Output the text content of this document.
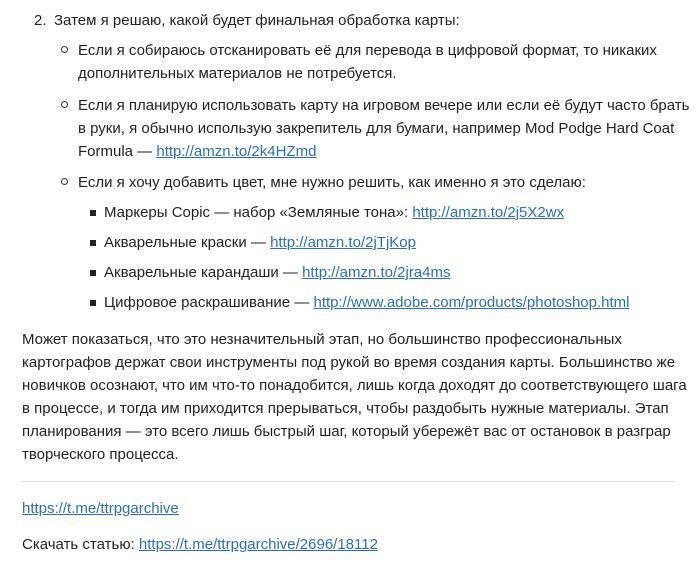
2. Затем я решаю, какой будет финальная обработка карты:
Если я собираюсь отсканировать её для перевода в цифровой формат, то никаких
дополнительных материалов не потребуется.
Если я планирую использовать карту на игровом вечере или если её будут часто брать
в руки, я обычно использую закрепитель для бумаги, например Mod Podge Hard Coat
Formula — http://amzn.to/2k4HZmd
Если я хочу добавить цвет, мне нужно решить, как именно я это сделаю:
Маркеры Copic — набор «Земляные тона»: http://amzn.to/2j5X2wx
Акварельные краски — http://amzn.to/2jTjKop
Акварельные карандаши — http://amzn.to/2jra4ms
Цифровое раскрашивание — http://www.adobe.com/products/photoshop.html
Может показаться, что это незначительный этап, но большинство профессиональных
картографов держат свои инструменты под рукой во время создания карты. Большинство же
новичков осознают, что им что-то понадобится, лишь когда доходят до соответствующего шага
в процессе, и тогда им приходится прерываться, чтобы раздобыть нужные материалы. Этап
планирования — это всего лишь быстрый шаг, который убережёт вас от остановок в разграр
творческого процесса.
https://t.me/ttrpgarchive
Скачать статью: https://t.me/ttrpgarchive/2696/18112
